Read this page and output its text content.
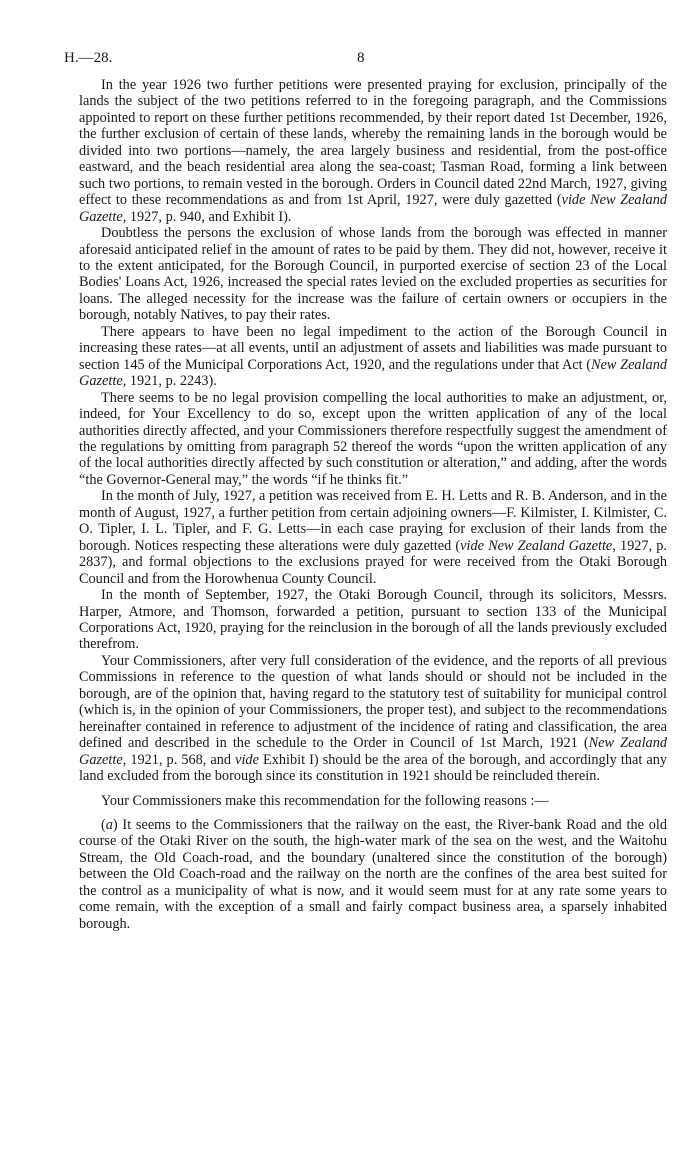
H.—28.	8

In the year 1926 two further petitions were presented praying for exclusion, principally of the lands the subject of the two petitions referred to in the foregoing paragraph, and the Commissions appointed to report on these further petitions recommended, by their report dated 1st December, 1926, the further exclusion of certain of these lands, whereby the remaining lands in the borough would be divided into two portions—namely, the area largely business and residential, from the post-office eastward, and the beach residential area along the sea-coast; Tasman Road, forming a link between such two portions, to remain vested in the borough. Orders in Council dated 22nd March, 1927, giving effect to these recommendations as and from 1st April, 1927, were duly gazetted (vide New Zealand Gazette, 1927, p. 940, and Exhibit I).

Doubtless the persons the exclusion of whose lands from the borough was effected in manner aforesaid anticipated relief in the amount of rates to be paid by them. They did not, however, receive it to the extent anticipated, for the Borough Council, in purported exercise of section 23 of the Local Bodies' Loans Act, 1926, increased the special rates levied on the excluded properties as securities for loans. The alleged necessity for the increase was the failure of certain owners or occupiers in the borough, notably Natives, to pay their rates.

There appears to have been no legal impediment to the action of the Borough Council in increasing these rates—at all events, until an adjustment of assets and liabilities was made pursuant to section 145 of the Municipal Corporations Act, 1920, and the regulations under that Act (New Zealand Gazette, 1921, p. 2243).

There seems to be no legal provision compelling the local authorities to make an adjustment, or, indeed, for Your Excellency to do so, except upon the written application of any of the local authorities directly affected, and your Commissioners therefore respectfully suggest the amendment of the regulations by omitting from paragraph 52 thereof the words “upon the written application of any of the local authorities directly affected by such constitution or alteration,” and adding, after the words “the Governor-General may,” the words “if he thinks fit.”

In the month of July, 1927, a petition was received from E. H. Letts and R. B. Anderson, and in the month of August, 1927, a further petition from certain adjoining owners—F. Kilmister, I. Kilmister, C. O. Tipler, I. L. Tipler, and F. G. Letts—in each case praying for exclusion of their lands from the borough. Notices respecting these alterations were duly gazetted (vide New Zealand Gazette, 1927, p. 2837), and formal objections to the exclusions prayed for were received from the Otaki Borough Council and from the Horowhenua County Council.

In the month of September, 1927, the Otaki Borough Council, through its solicitors, Messrs. Harper, Atmore, and Thomson, forwarded a petition, pursuant to section 133 of the Municipal Corporations Act, 1920, praying for the reinclusion in the borough of all the lands previously excluded therefrom.

Your Commissioners, after very full consideration of the evidence, and the reports of all previous Commissions in reference to the question of what lands should or should not be included in the borough, are of the opinion that, having regard to the statutory test of suitability for municipal control (which is, in the opinion of your Commissioners, the proper test), and subject to the recommendations hereinafter contained in reference to adjustment of the incidence of rating and classification, the area defined and described in the schedule to the Order in Council of 1st March, 1921 (New Zealand Gazette, 1921, p. 568, and vide Exhibit I) should be the area of the borough, and accordingly that any land excluded from the borough since its constitution in 1921 should be reincluded therein.

Your Commissioners make this recommendation for the following reasons :—

(a) It seems to the Commissioners that the railway on the east, the River-bank Road and the old course of the Otaki River on the south, the high-water mark of the sea on the west, and the Waitohu Stream, the Old Coach-road, and the boundary (unaltered since the constitution of the borough) between the Old Coach-road and the railway on the north are the confines of the area best suited for the control as a municipality of what is now, and it would seem must for at any rate some years to come remain, with the exception of a small and fairly compact business area, a sparsely inhabited borough.
